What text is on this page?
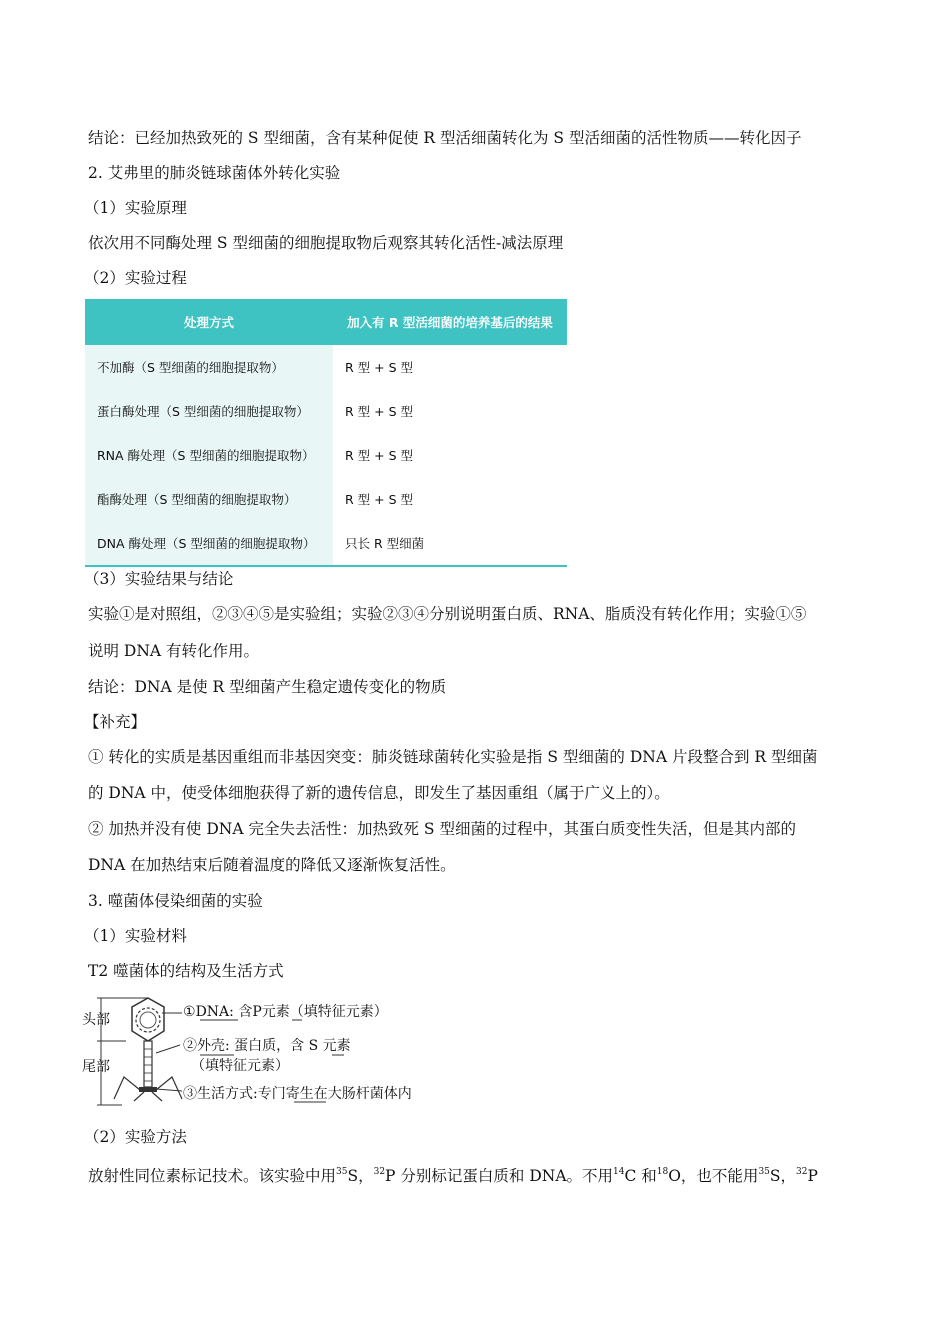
结论：已经加热致死的 S 型细菌，含有某种促使 R 型活细菌转化为 S 型活细菌的活性物质——转化因子
2. 艾弗里的肺炎链球菌体外转化实验
（1）实验原理
依次用不同酶处理 S 型细菌的细胞提取物后观察其转化活性-减法原理
（2）实验过程
处理方式	加入有 R 型活细菌的培养基后的结果
不加酶（S 型细菌的细胞提取物）	R 型 + S 型
蛋白酶处理（S 型细菌的细胞提取物）	R 型 + S 型
RNA 酶处理（S 型细菌的细胞提取物）	R 型 + S 型
酯酶处理（S 型细菌的细胞提取物）	R 型 + S 型
DNA 酶处理（S 型细菌的细胞提取物）	只长 R 型细菌
（3）实验结果与结论
实验①是对照组，②③④⑤是实验组；实验②③④分别说明蛋白质、RNA、脂质没有转化作用；实验①⑤
说明 DNA 有转化作用。
结论：DNA 是使 R 型细菌产生稳定遗传变化的物质
【补充】
① 转化的实质是基因重组而非基因突变：肺炎链球菌转化实验是指 S 型细菌的 DNA 片段整合到 R 型细菌
的 DNA 中，使受体细胞获得了新的遗传信息，即发生了基因重组（属于广义上的）。
② 加热并没有使 DNA 完全失去活性：加热致死 S 型细菌的过程中，其蛋白质变性失活，但是其内部的
DNA 在加热结束后随着温度的降低又逐渐恢复活性。
3. 噬菌体侵染细菌的实验
（1）实验材料
T2 噬菌体的结构及生活方式
头部
尾部
①DNA: 含P元素（填特征元素）
②外壳: 蛋白质，含 S 元素
（填特征元素）
③生活方式:专门寄生在大肠杆菌体内
（2）实验方法
放射性同位素标记技术。该实验中用$^{35}$S，$^{32}$P 分别标记蛋白质和 DNA。不用$^{14}$C 和$^{18}$O，也不能用$^{35}$S，$^{32}$P
